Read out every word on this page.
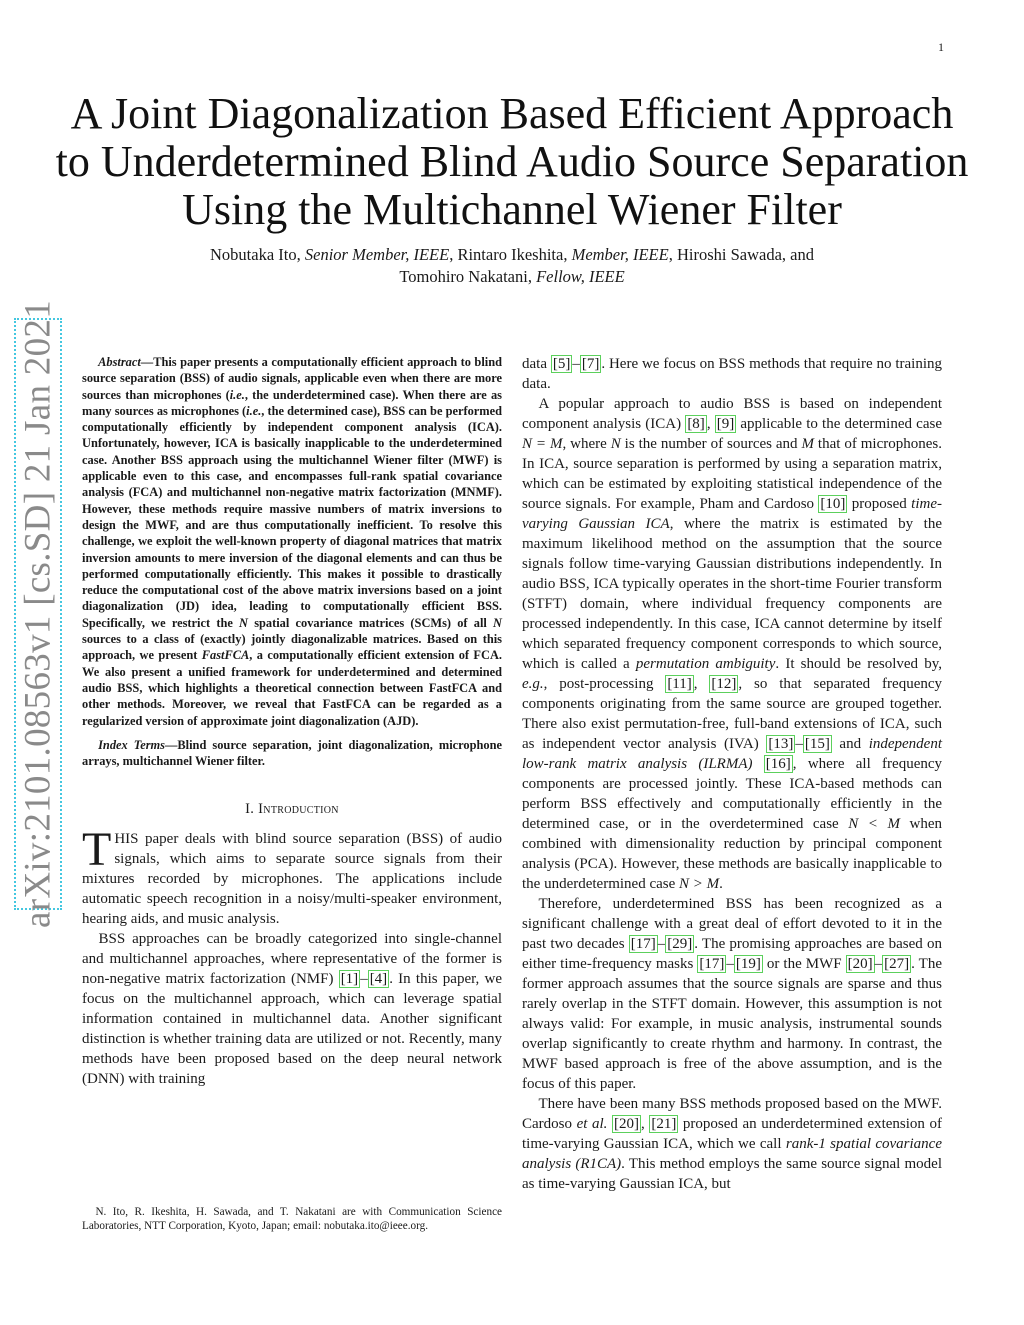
1
arXiv:2101.08563v1 [cs.SD] 21 Jan 2021
A Joint Diagonalization Based Efficient Approach
to Underdetermined Blind Audio Source Separation
Using the Multichannel Wiener Filter
Nobutaka Ito, Senior Member, IEEE, Rintaro Ikeshita, Member, IEEE, Hiroshi Sawada, and
Tomohiro Nakatani, Fellow, IEEE

Abstract—This paper presents a computationally efficient approach to blind source separation (BSS) of audio signals, applicable even when there are more sources than microphones (i.e., the underdetermined case). When there are as many sources as microphones (i.e., the determined case), BSS can be performed computationally efficiently by independent component analysis (ICA). Unfortunately, however, ICA is basically inapplicable to the underdetermined case. Another BSS approach using the multichannel Wiener filter (MWF) is applicable even to this case, and encompasses full-rank spatial covariance analysis (FCA) and multichannel non-negative matrix factorization (MNMF). However, these methods require massive numbers of matrix inversions to design the MWF, and are thus computationally inefficient. To resolve this challenge, we exploit the well-known property of diagonal matrices that matrix inversion amounts to mere inversion of the diagonal elements and can thus be performed computationally efficiently. This makes it possible to drastically reduce the computational cost of the above matrix inversions based on a joint diagonalization (JD) idea, leading to computationally efficient BSS. Specifically, we restrict the N spatial covariance matrices (SCMs) of all N sources to a class of (exactly) jointly diagonalizable matrices. Based on this approach, we present FastFCA, a computationally efficient extension of FCA. We also present a unified framework for underdetermined and determined audio BSS, which highlights a theoretical connection between FastFCA and other methods. Moreover, we reveal that FastFCA can be regarded as a regularized version of approximate joint diagonalization (AJD).

Index Terms—Blind source separation, joint diagonalization, microphone arrays, multichannel Wiener filter.

I. Introduction

THIS paper deals with blind source separation (BSS) of audio signals, which aims to separate source signals from their mixtures recorded by microphones. The applications include automatic speech recognition in a noisy/multi-speaker environment, hearing aids, and music analysis.

BSS approaches can be broadly categorized into single-channel and multichannel approaches, where representative of the former is non-negative matrix factorization (NMF) [1] – [4] . In this paper, we focus on the multichannel approach, which can leverage spatial information contained in multichannel data. Another significant distinction is whether training data are utilized or not. Recently, many methods have been proposed based on the deep neural network (DNN) with training

N. Ito, R. Ikeshita, H. Sawada, and T. Nakatani are with Communication Science Laboratories, NTT Corporation, Kyoto, Japan; email: nobutaka.ito@ieee.org.

data [5] – [7] . Here we focus on BSS methods that require no training data.

A popular approach to audio BSS is based on independent component analysis (ICA) [8] , [9] applicable to the determined case N = M, where N is the number of sources and M that of microphones. In ICA, source separation is performed by using a separation matrix, which can be estimated by exploiting statistical independence of the source signals. For example, Pham and Cardoso [10] proposed time-varying Gaussian ICA, where the matrix is estimated by the maximum likelihood method on the assumption that the source signals follow time-varying Gaussian distributions independently. In audio BSS, ICA typically operates in the short-time Fourier transform (STFT) domain, where individual frequency components are processed independently. In this case, ICA cannot determine by itself which separated frequency component corresponds to which source, which is called a permutation ambiguity. It should be resolved by, e.g., post-processing [11] , [12] , so that separated frequency components originating from the same source are grouped together. There also exist permutation-free, full-band extensions of ICA, such as independent vector analysis (IVA) [13] – [15] and independent low-rank matrix analysis (ILRMA) [16] , where all frequency components are processed jointly. These ICA-based methods can perform BSS effectively and computationally efficiently in the determined case, or in the overdetermined case N < M when combined with dimensionality reduction by principal component analysis (PCA). However, these methods are basically inapplicable to the underdetermined case N > M.

Therefore, underdetermined BSS has been recognized as a significant challenge with a great deal of effort devoted to it in the past two decades [17] – [29] . The promising approaches are based on either time-frequency masks [17] – [19] or the MWF [20] – [27] . The former approach assumes that the source signals are sparse and thus rarely overlap in the STFT domain. However, this assumption is not always valid: For example, in music analysis, instrumental sounds overlap significantly to create rhythm and harmony. In contrast, the MWF based approach is free of the above assumption, and is the focus of this paper.

There have been many BSS methods proposed based on the MWF. Cardoso et al. [20] , [21] proposed an underdetermined extension of time-varying Gaussian ICA, which we call rank-1 spatial covariance analysis (R1CA). This method employs the same source signal model as time-varying Gaussian ICA, but
